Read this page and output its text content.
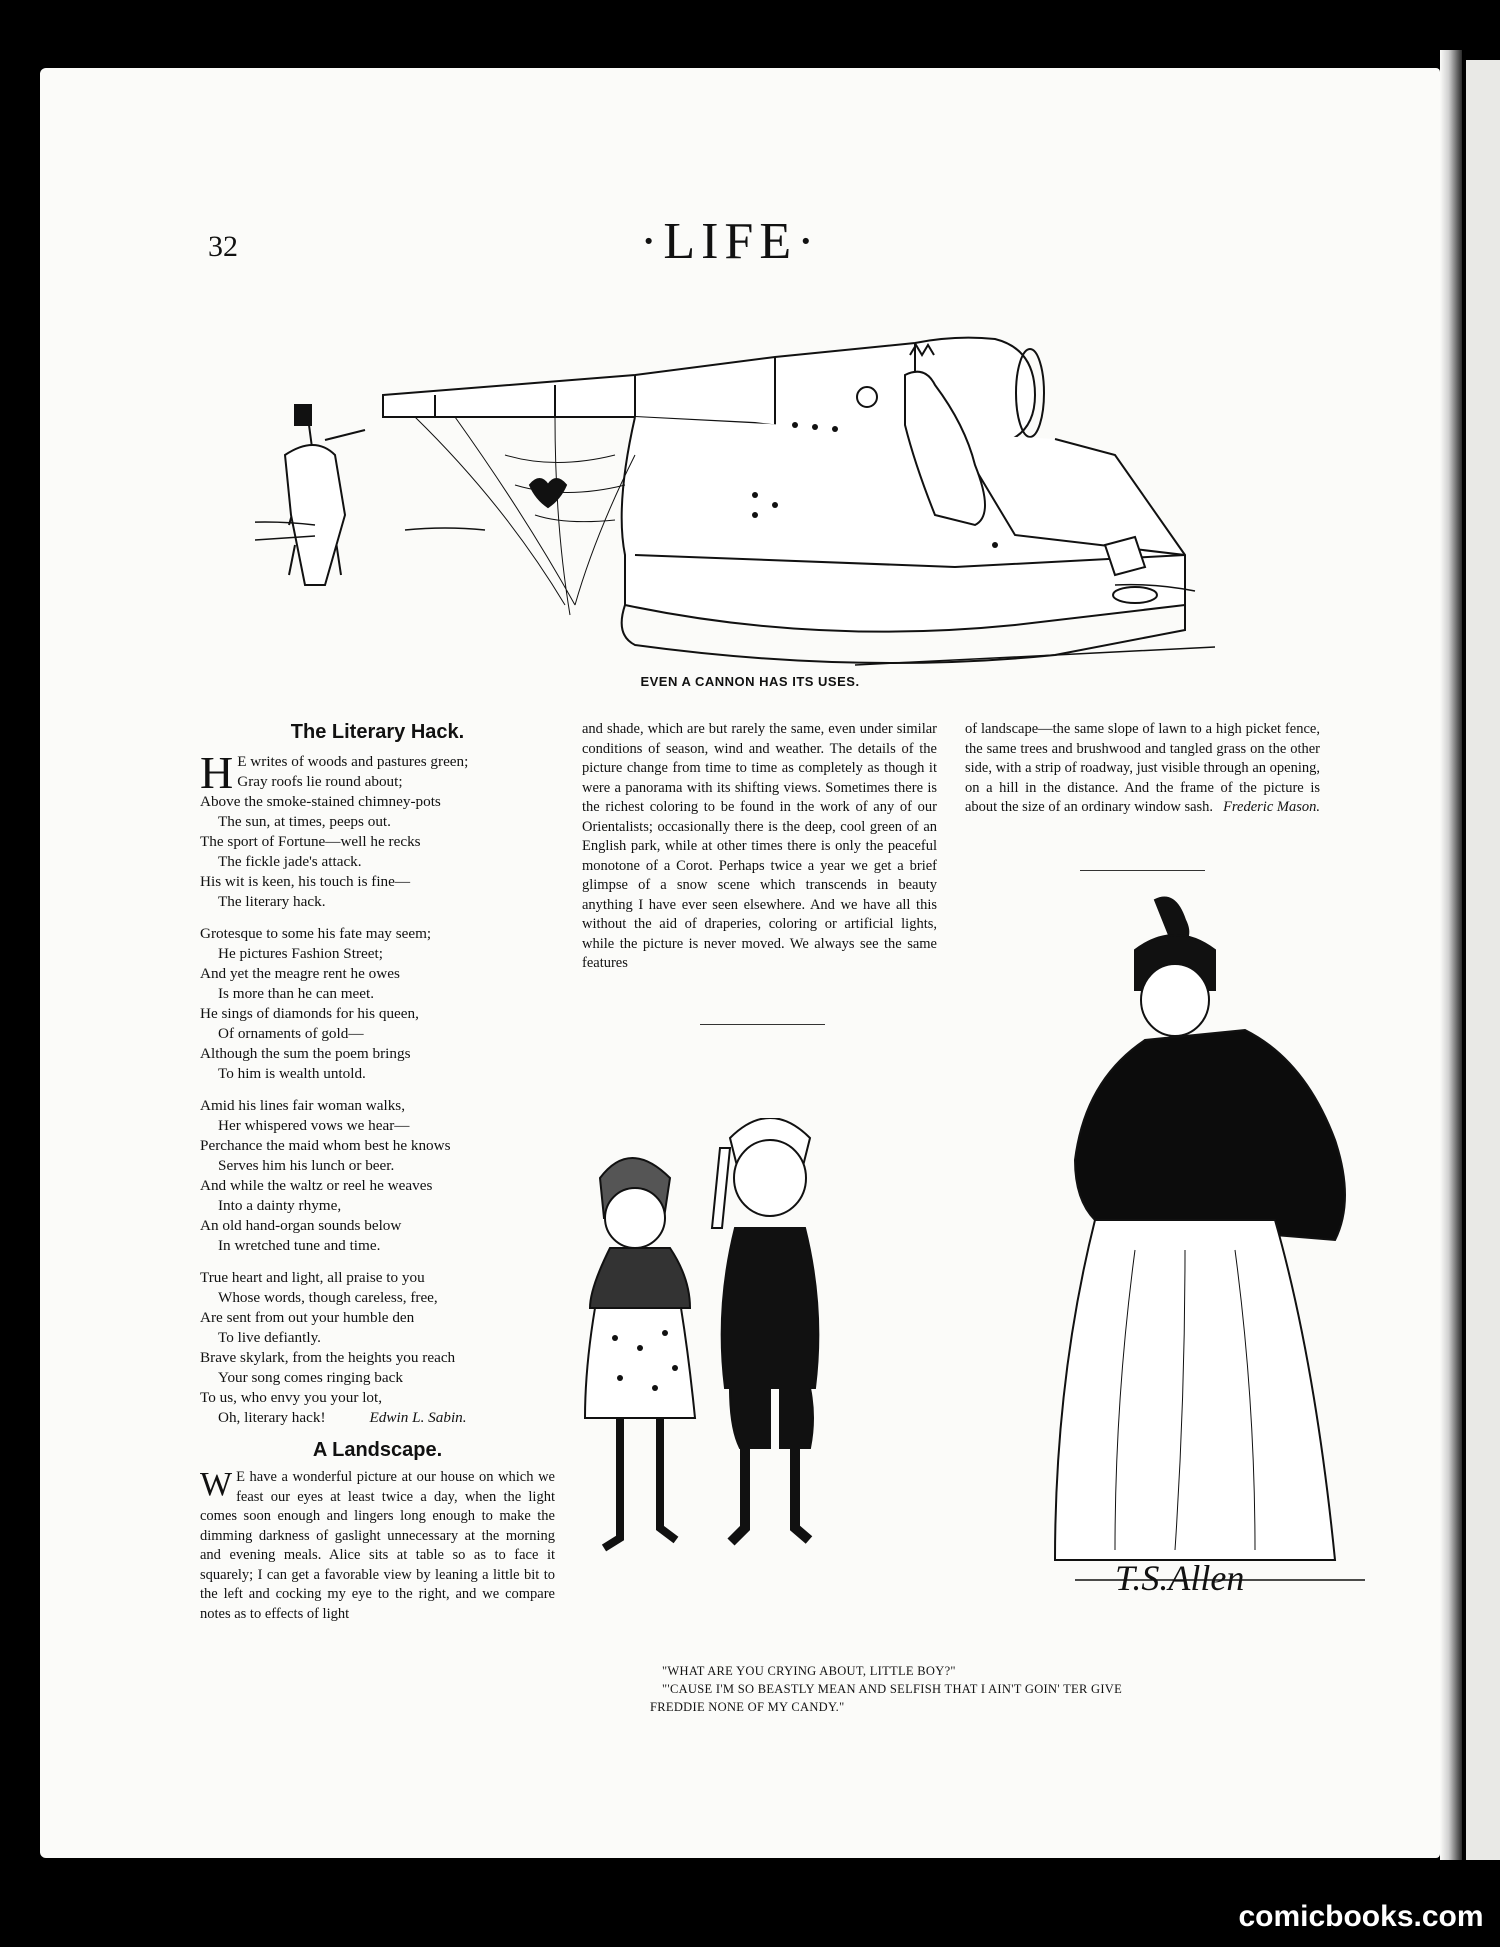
32	·LIFE·
EVEN A CANNON HAS ITS USES.
The Literary Hack.
H E writes of woods and pastures green;

Gray roofs lie round about;

Above the smoke-stained chimney-pots

The sun, at times, peeps out.

The sport of Fortune—well he recks

The fickle jade's attack.

His wit is keen, his touch is fine—

The literary hack.

Grotesque to some his fate may seem;

He pictures Fashion Street;

And yet the meagre rent he owes

Is more than he can meet.

He sings of diamonds for his queen,

Of ornaments of gold—

Although the sum the poem brings

To him is wealth untold.

Amid his lines fair woman walks,

Her whispered vows we hear—

Perchance the maid whom best he knows

Serves him his lunch or beer.

And while the waltz or reel he weaves

Into a dainty rhyme,

An old hand-organ sounds below

In wretched tune and time.

True heart and light, all praise to you

Whose words, though careless, free,

Are sent from out your humble den

To live defiantly.

Brave skylark, from the heights you reach

Your song comes ringing back

To us, who envy you your lot,

Oh, literary hack!	Edwin L. Sabin.

A Landscape.
W E have a wonderful picture at our house on which we feast our eyes at least twice a day, when the light comes soon enough and lingers long enough to make the dimming darkness of gaslight unnecessary at the morning and evening meals. Alice sits at table so as to face it squarely; I can get a favorable view by leaning a little bit to the left and cocking my eye to the right, and we compare notes as to effects of light

and shade, which are but rarely the same, even under similar conditions of season, wind and weather. The details of the picture change from time to time as completely as though it were a panorama with its shifting views. Sometimes there is the richest coloring to be found in the work of any of our Orientalists; occasionally there is the deep, cool green of an English park, while at other times there is only the peaceful monotone of a Corot. Perhaps twice a year we get a brief glimpse of a snow scene which transcends in beauty anything I have ever seen elsewhere. And we have all this without the aid of draperies, coloring or artificial lights, while the picture is never moved. We always see the same features

of landscape—the same slope of lawn to a high picket fence, the same trees and brushwood and tangled grass on the other side, with a strip of roadway, just visible through an opening, on a hill in the distance. And the frame of the picture is about the size of an ordinary window sash. Frederic Mason.

T.S.Allen

"WHAT ARE YOU CRYING ABOUT, LITTLE BOY?"

"'CAUSE I'M SO BEASTLY MEAN AND SELFISH THAT I AIN'T GOIN' TER GIVE

FREDDIE NONE OF MY CANDY."

comicbooks.com
